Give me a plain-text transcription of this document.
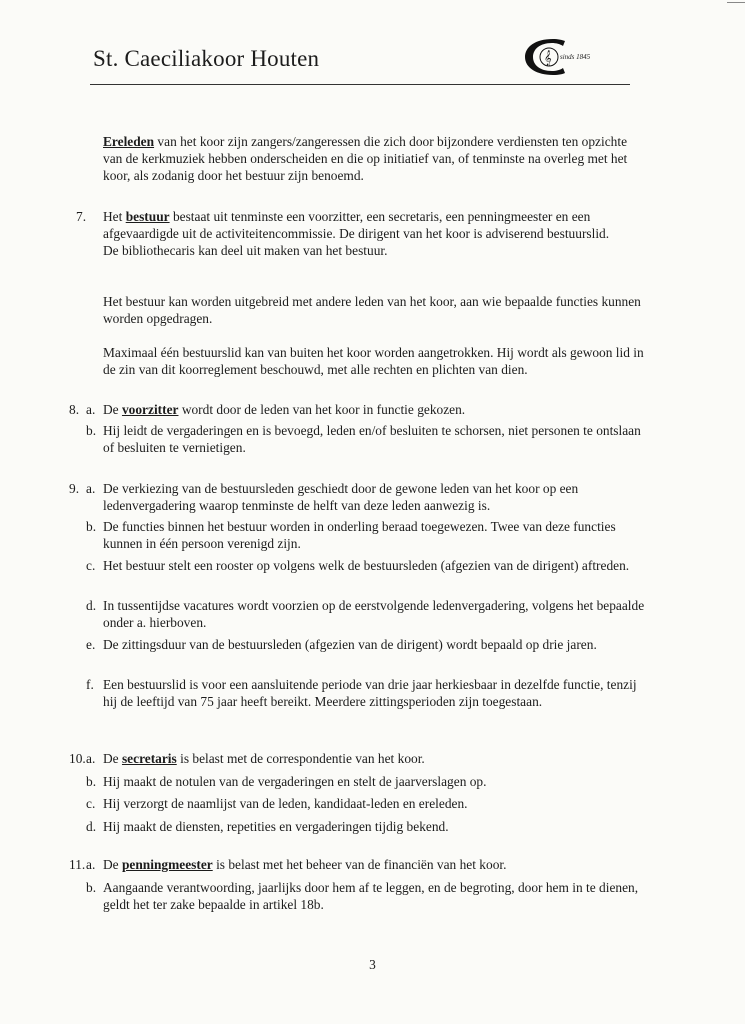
St. Caeciliakoor Houten	𝄞 sinds 1845

Ereleden van het koor zijn zangers/zangeressen die zich door bijzondere verdiensten ten opzichte van de kerkmuziek hebben onderscheiden en die op initiatief van, of tenminste na overleg met het koor, als zodanig door het bestuur zijn benoemd.

7. Het bestuur bestaat uit tenminste een voorzitter, een secretaris, een penningmeester en een afgevaardigde uit de activiteitencommissie. De dirigent van het koor is adviserend bestuurslid.
De bibliothecaris kan deel uit maken van het bestuur.

Het bestuur kan worden uitgebreid met andere leden van het koor, aan wie bepaalde functies kunnen worden opgedragen.

Maximaal één bestuurslid kan van buiten het koor worden aangetrokken. Hij wordt als gewoon lid in de zin van dit koorreglement beschouwd, met alle rechten en plichten van dien.

8. a. De voorzitter wordt door de leden van het koor in functie gekozen.

b. Hij leidt de vergaderingen en is bevoegd, leden en/of besluiten te schorsen, niet personen te ontslaan of besluiten te vernietigen.

9. a. De verkiezing van de bestuursleden geschiedt door de gewone leden van het koor op een ledenvergadering waarop tenminste de helft van deze leden aanwezig is.

b. De functies binnen het bestuur worden in onderling beraad toegewezen. Twee van deze functies kunnen in één persoon verenigd zijn.

c. Het bestuur stelt een rooster op volgens welk de bestuursleden (afgezien van de dirigent) aftreden.

d. In tussentijdse vacatures wordt voorzien op de eerstvolgende ledenvergadering, volgens het bepaalde onder a. hierboven.

e. De zittingsduur van de bestuursleden (afgezien van de dirigent) wordt bepaald op drie jaren.

f. Een bestuurslid is voor een aansluitende periode van drie jaar herkiesbaar in dezelfde functie, tenzij hij de leeftijd van 75 jaar heeft bereikt. Meerdere zittingsperioden zijn toegestaan.

10. a. De secretaris is belast met de correspondentie van het koor.

b. Hij maakt de notulen van de vergaderingen en stelt de jaarverslagen op.

c. Hij verzorgt de naamlijst van de leden, kandidaat-leden en ereleden.

d. Hij maakt de diensten, repetities en vergaderingen tijdig bekend.

11. a. De penningmeester is belast met het beheer van de financiën van het koor.

b. Aangaande verantwoording, jaarlijks door hem af te leggen, en de begroting, door hem in te dienen, geldt het ter zake bepaalde in artikel 18b.

3
